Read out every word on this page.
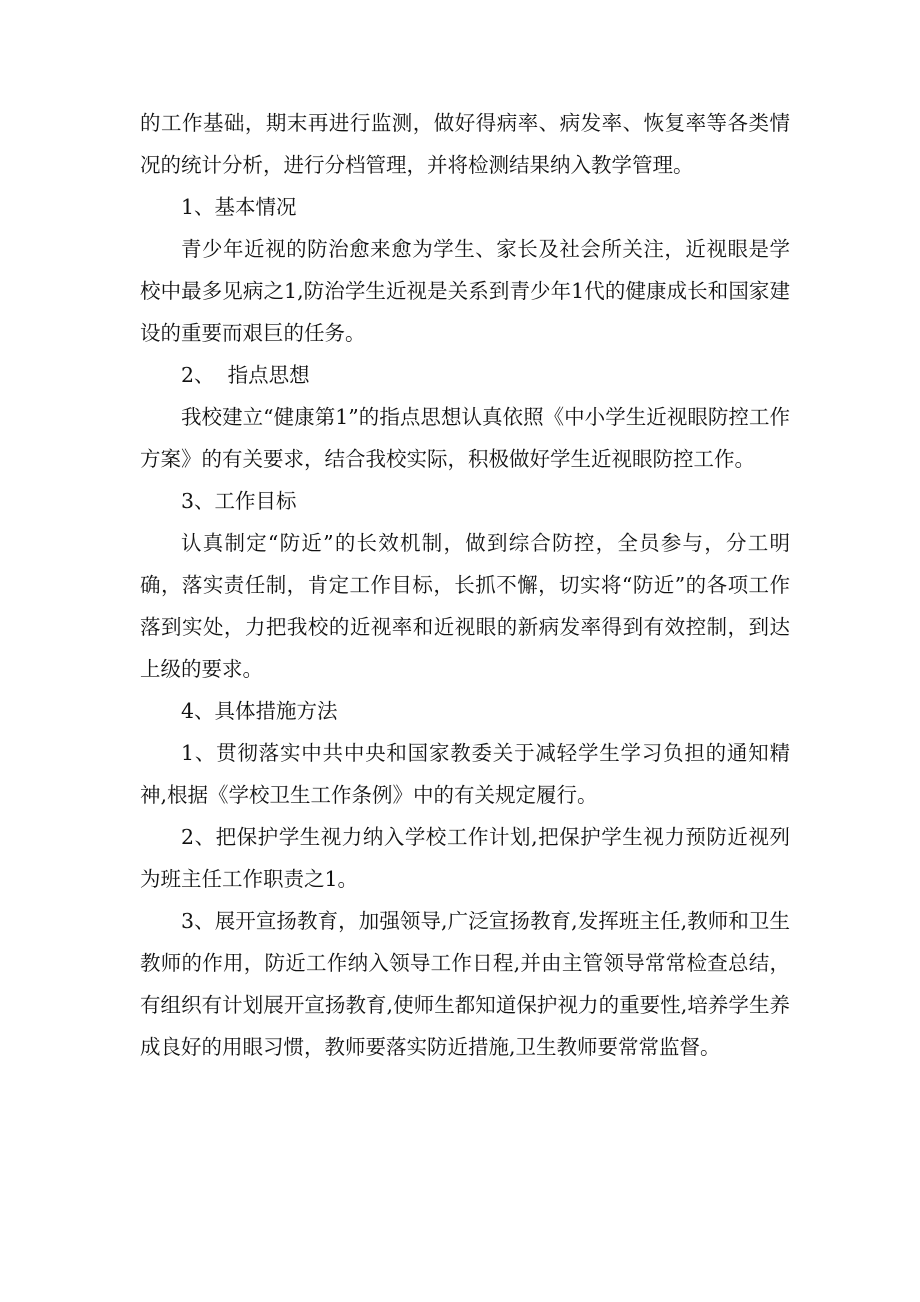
的工作基础，期末再进行监测，做好得病率、病发率、恢复率等各类情况的统计分析，进行分档管理，并将检测结果纳入教学管理。

1、基本情况

青少年近视的防治愈来愈为学生、家长及社会所关注，近视眼是学校中最多见病之1,防治学生近视是关系到青少年1代的健康成长和国家建设的重要而艰巨的任务。

2、  指点思想

我校建立“健康第1”的指点思想认真依照《中小学生近视眼防控工作方案》的有关要求，结合我校实际，积极做好学生近视眼防控工作。

3、工作目标

认真制定“防近”的长效机制，做到综合防控，全员参与，分工明确，落实责任制，肯定工作目标，长抓不懈，切实将“防近”的各项工作落到实处，力把我校的近视率和近视眼的新病发率得到有效控制，到达上级的要求。

4、具体措施方法

1、贯彻落实中共中央和国家教委关于减轻学生学习负担的通知精神,根据《学校卫生工作条例》中的有关规定履行。

2、把保护学生视力纳入学校工作计划,把保护学生视力预防近视列为班主任工作职责之1。

3、展开宣扬教育，加强领导,广泛宣扬教育,发挥班主任,教师和卫生教师的作用，防近工作纳入领导工作日程,并由主管领导常常检查总结，有组织有计划展开宣扬教育,使师生都知道保护视力的重要性,培养学生养成良好的用眼习惯，教师要落实防近措施,卫生教师要常常监督。
